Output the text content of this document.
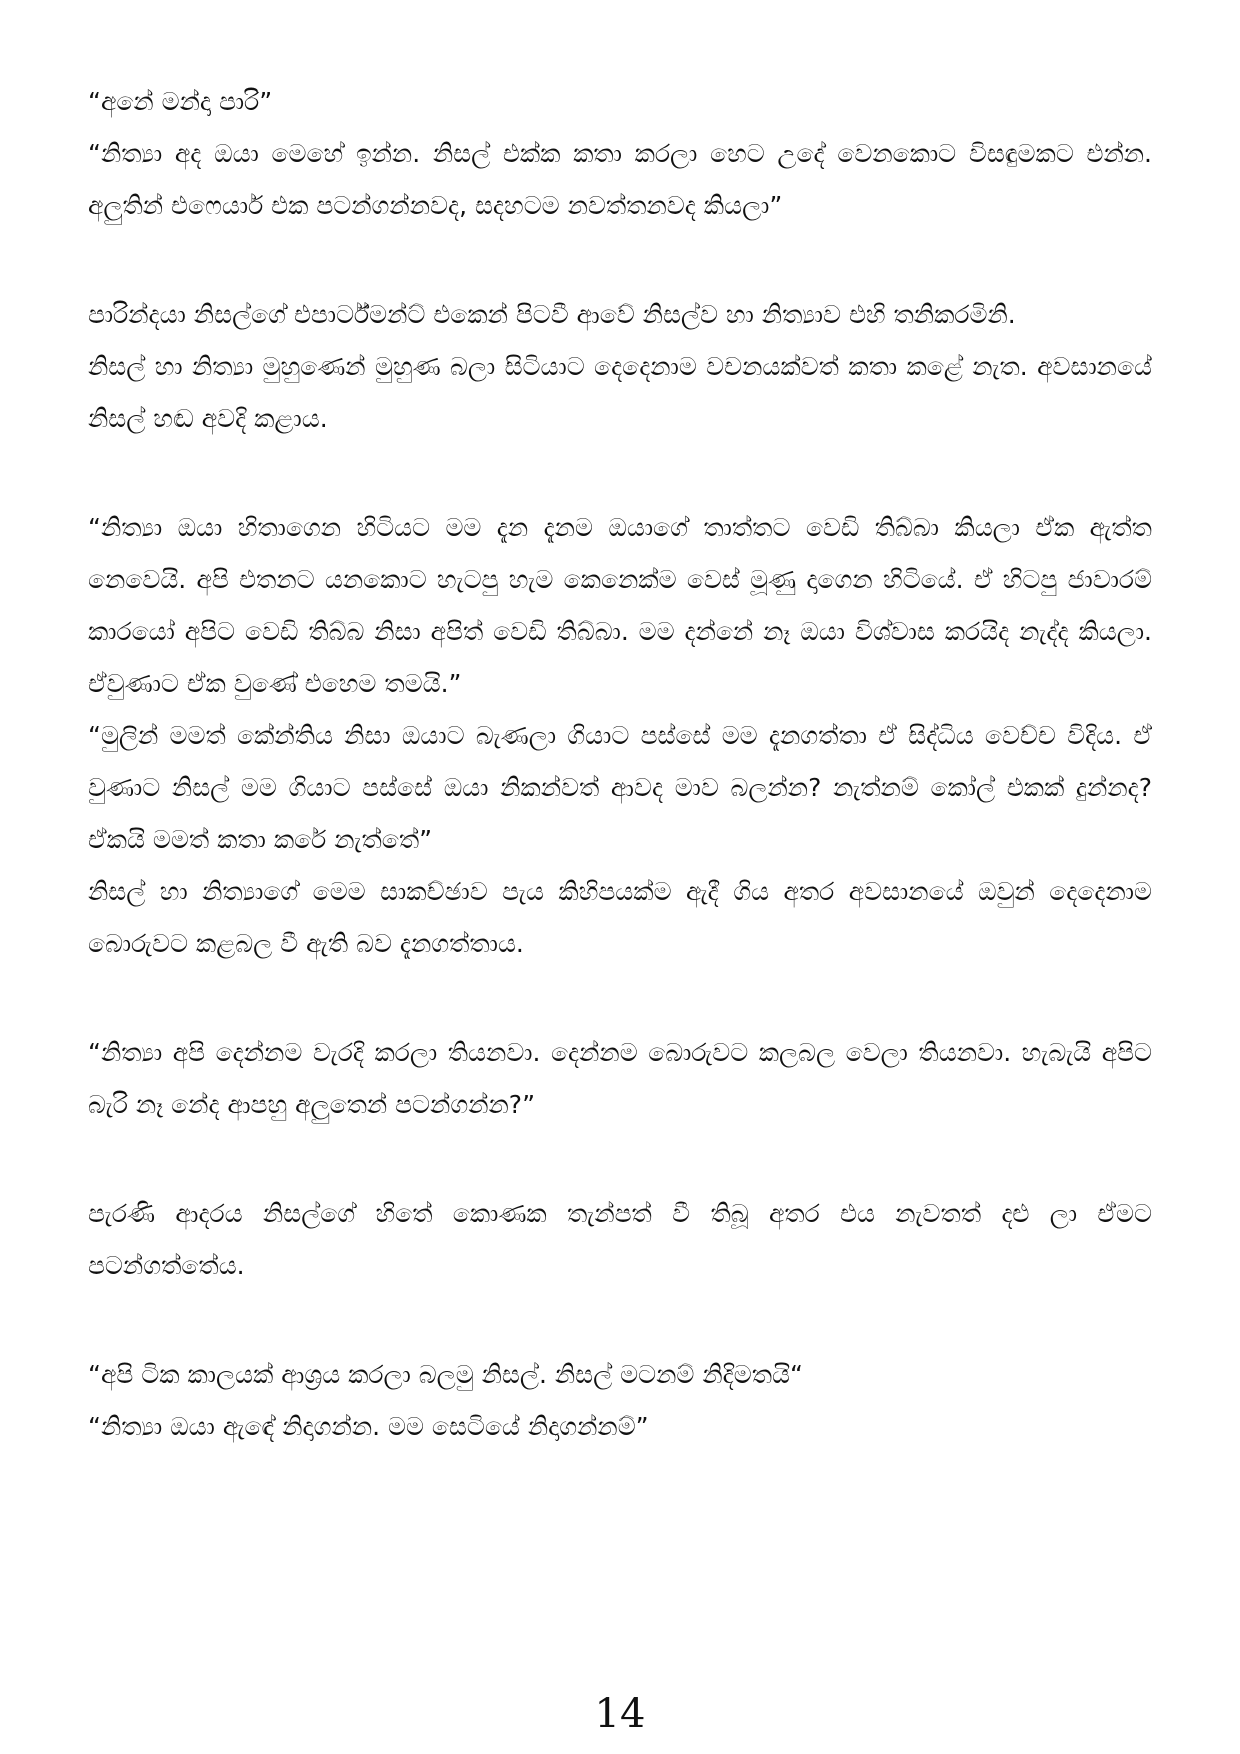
“අනේ මන්දා පාරි”

“නිත්‍යා අද ඔයා මෙහේ ඉන්න. නිසල් එක්ක කතා කරලා හෙට උදේ වෙනකොට විසඳුමකට එන්න. අලුතින් එෆෙයාර් එක පටන්ගන්නවද, සදහටම නවත්තනවද කියලා”

පාරින්දයා නිසල්ගේ එපාර්ට්මන්ට් එකෙන් පිටවී ආවේ නිසල්ව හා නිත්‍යාව එහි තනිකරමිනි.

නිසල් හා නිත්‍යා මුහුණෙන් මුහුණ බලා සිටියාට දෙදෙනාම වචනයක්වත් කතා කළේ නැත. අවසානයේ නිසල් හඬ අවදි කළාය.

“නිත්‍යා ඔයා හිතාගෙන හිටියට මම දැන දැනම ඔයාගේ තාත්තට වෙඩි තිබ්බා කියලා ඒක ඇත්ත නෙවෙයි. අපි එතනට යනකොට හැටපු හැම කෙනෙක්ම වෙස් මූණු දාගෙන හිටියේ. ඒ හිටපු ජාවාරම් කාරයෝ අපිට වෙඩි තිබ්බ නිසා අපිත් වෙඩි තිබ්බා. මම දන්නේ නෑ ඔයා විශ්වාස කරයිද නැද්ද කියලා. ඒවුණාට ඒක වුණේ එහෙම තමයි.”

“මුලින් මමත් කේන්තිය නිසා ඔයාට බැණලා ගියාට පස්සේ මම දැනගත්තා ඒ සිද්ධිය වෙච්ච විදිය. ඒ වුණාට නිසල් මම ගියාට පස්සේ ඔයා නිකන්වත් ආවද මාව බලන්න? නැත්නම් කෝල් එකක් දුන්නද? ඒකයි මමත් කතා කරේ නැත්තේ”

නිසල් හා නිත්‍යාගේ මෙම සාකච්ඡාව පැය කිහිපයක්ම ඇදී ගිය අතර අවසානයේ ඔවුන් දෙදෙනාම බොරුවට කළබල වී ඇති බව දැනගත්තාය.

“නිත්‍යා අපි දෙන්නම වැරදි කරලා තියනවා. දෙන්නම බොරුවට කලබල වෙලා තියනවා. හැබැයි අපිට බැරි නෑ නේද ආපහු අලුතෙන් පටන්ගන්න?”

පැරණි ආදරය නිසල්ගේ හිතේ කොණක තැන්පත් වී තිබූ අතර එය නැවතත් දළු ලා ඒමට පටන්ගත්තේය.

“අපි ටික කාලයක් ආශ්‍රය කරලා බලමු නිසල්. නිසල් මටනම් නිදිමතයි“

“නිත්‍යා ඔයා ඇඳේ නිදාගන්න. මම සෙටියේ නිදාගන්නම්”

14
